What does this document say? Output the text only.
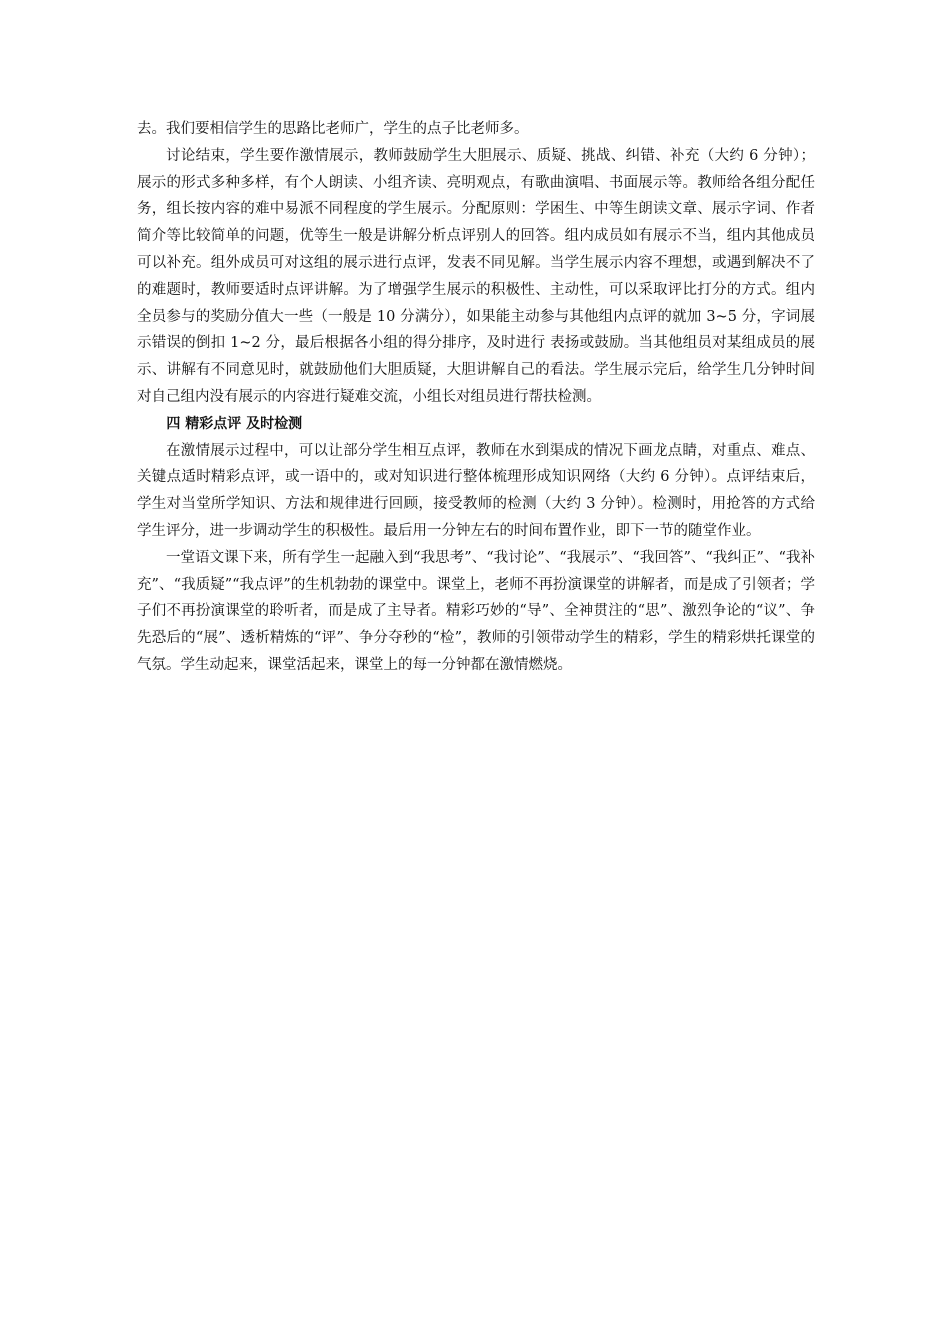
去。我们要相信学生的思路比老师广，学生的点子比老师多。

讨论结束，学生要作激情展示，教师鼓励学生大胆展示、质疑、挑战、纠错、补充（大约 6 分钟）；展示的形式多种多样，有个人朗读、小组齐读、亮明观点，有歌曲演唱、书面展示等。教师给各组分配任务，组长按内容的难中易派不同程度的学生展示。分配原则：学困生、中等生朗读文章、展示字词、作者简介等比较简单的问题，优等生一般是讲解分析点评别人的回答。组内成员如有展示不当，组内其他成员可以补充。组外成员可对这组的展示进行点评，发表不同见解。当学生展示内容不理想，或遇到解决不了的难题时，教师要适时点评讲解。为了增强学生展示的积极性、主动性，可以采取评比打分的方式。组内全员参与的奖励分值大一些（一般是 10 分满分），如果能主动参与其他组内点评的就加 3~5 分，字词展示错误的倒扣 1~2 分，最后根据各小组的得分排序，及时进行 表扬或鼓励。当其他组员对某组成员的展示、讲解有不同意见时，就鼓励他们大胆质疑，大胆讲解自己的看法。学生展示完后，给学生几分钟时间对自己组内没有展示的内容进行疑难交流，小组长对组员进行帮扶检测。

四 精彩点评 及时检测

在激情展示过程中，可以让部分学生相互点评，教师在水到渠成的情况下画龙点睛，对重点、难点、关键点适时精彩点评，或一语中的，或对知识进行整体梳理形成知识网络（大约 6 分钟）。点评结束后，学生对当堂所学知识、方法和规律进行回顾，接受教师的检测（大约 3 分钟）。检测时，用抢答的方式给学生评分，进一步调动学生的积极性。最后用一分钟左右的时间布置作业，即下一节的随堂作业。

一堂语文课下来，所有学生一起融入到“我思考”、“我讨论”、“我展示”、“我回答”、“我纠正”、“我补充”、“我质疑”“我点评”的生机勃勃的课堂中。课堂上，老师不再扮演课堂的讲解者，而是成了引领者；学子们不再扮演课堂的聆听者，而是成了主导者。精彩巧妙的“导”、全神贯注的“思”、激烈争论的“议”、争先恐后的“展”、透析精炼的“评”、争分夺秒的“检”，教师的引领带动学生的精彩，学生的精彩烘托课堂的气氛。学生动起来，课堂活起来，课堂上的每一分钟都在激情燃烧。
